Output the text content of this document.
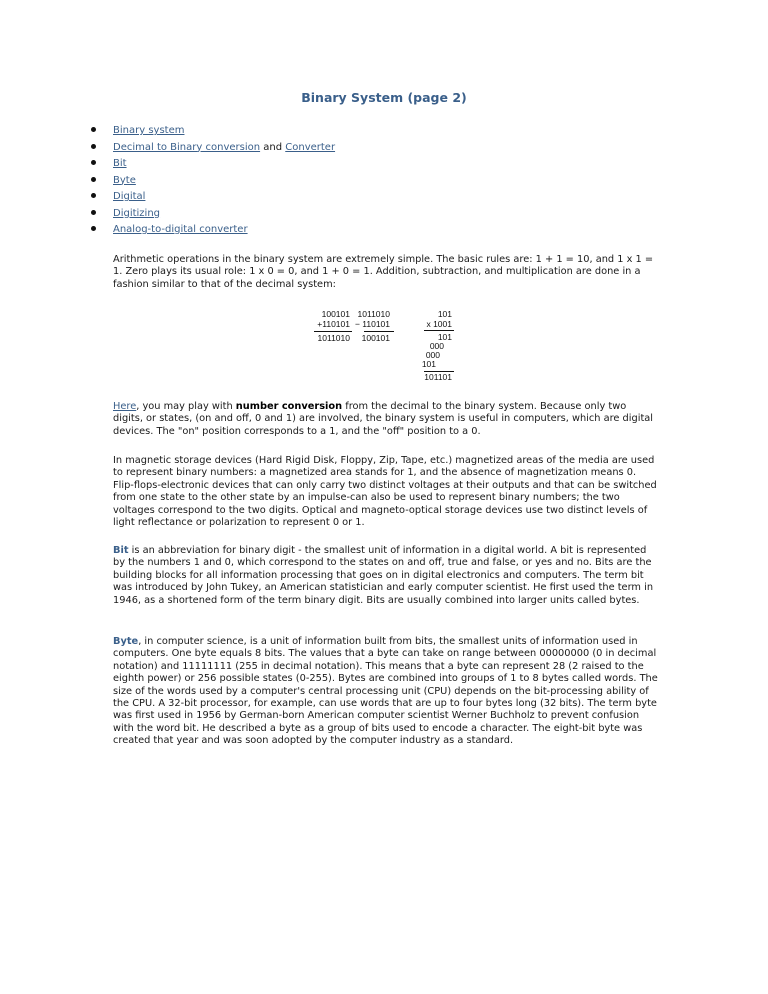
Binary System (page 2)
Binary system
Decimal to Binary conversion and Converter
Bit
Byte
Digital
Digitizing
Analog-to-digital converter

Arithmetic operations in the binary system are extremely simple. The basic rules are: 1 + 1 = 10, and 1 x 1 = 1. Zero plays its usual role: 1 x 0 = 0, and 1 + 0 = 1. Addition, subtraction, and multiplication are done in a fashion similar to that of the decimal system:

100101
+110101
1011010
1011010
− 110101
100101
101
x 1001
101
000
000
101
101101

Here, you may play with number conversion from the decimal to the binary system. Because only two digits, or states, (on and off, 0 and 1) are involved, the binary system is useful in computers, which are digital devices. The "on" position corresponds to a 1, and the "off" position to a 0.

In magnetic storage devices (Hard Rigid Disk, Floppy, Zip, Tape, etc.) magnetized areas of the media are used to represent binary numbers: a magnetized area stands for 1, and the absence of magnetization means 0. Flip-flops-electronic devices that can only carry two distinct voltages at their outputs and that can be switched from one state to the other state by an impulse-can also be used to represent binary numbers; the two voltages correspond to the two digits. Optical and magneto-optical storage devices use two distinct levels of light reflectance or polarization to represent 0 or 1.

Bit is an abbreviation for binary digit - the smallest unit of information in a digital world. A bit is represented by the numbers 1 and 0, which correspond to the states on and off, true and false, or yes and no. Bits are the building blocks for all information processing that goes on in digital electronics and computers. The term bit was introduced by John Tukey, an American statistician and early computer scientist. He first used the term in 1946, as a shortened form of the term binary digit. Bits are usually combined into larger units called bytes.

Byte, in computer science, is a unit of information built from bits, the smallest units of information used in computers. One byte equals 8 bits. The values that a byte can take on range between 00000000 (0 in decimal notation) and 11111111 (255 in decimal notation). This means that a byte can represent 28 (2 raised to the eighth power) or 256 possible states (0-255). Bytes are combined into groups of 1 to 8 bytes called words. The size of the words used by a computer's central processing unit (CPU) depends on the bit-processing ability of the CPU. A 32-bit processor, for example, can use words that are up to four bytes long (32 bits). The term byte was first used in 1956 by German-born American computer scientist Werner Buchholz to prevent confusion with the word bit. He described a byte as a group of bits used to encode a character. The eight-bit byte was created that year and was soon adopted by the computer industry as a standard.
